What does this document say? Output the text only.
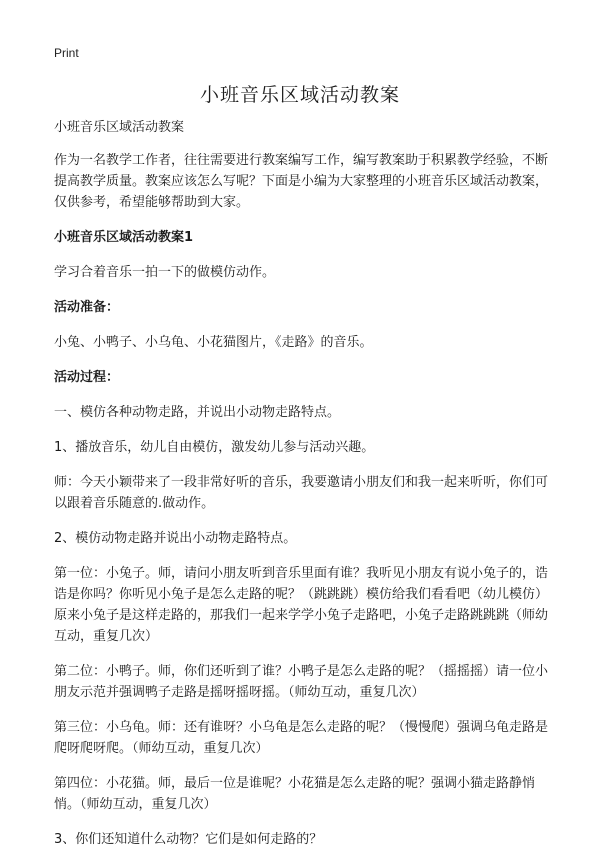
Print
小班音乐区域活动教案

小班音乐区域活动教案

作为一名教学工作者，往往需要进行教案编写工作，编写教案助于积累教学经验，不断提高教学质量。教案应该怎么写呢？下面是小编为大家整理的小班音乐区域活动教案，仅供参考，希望能够帮助到大家。

小班音乐区域活动教案1

学习合着音乐一拍一下的做模仿动作。

活动准备：

小兔、小鸭子、小乌龟、小花猫图片，《走路》的音乐。

活动过程：

一、模仿各种动物走路，并说出小动物走路特点。

1、播放音乐，幼儿自由模仿，激发幼儿参与活动兴趣。

师：今天小颖带来了一段非常好听的音乐，我要邀请小朋友们和我一起来听听，你们可以跟着音乐随意的.做动作。

2、模仿动物走路并说出小动物走路特点。

第一位：小兔子。师，请问小朋友听到音乐里面有谁？我听见小朋友有说小兔子的，诰诰是你吗？你听见小兔子是怎么走路的呢？（跳跳跳）模仿给我们看看吧（幼儿模仿）原来小兔子是这样走路的，那我们一起来学学小兔子走路吧，小兔子走路跳跳跳（师幼互动，重复几次）

第二位：小鸭子。师，你们还听到了谁？小鸭子是怎么走路的呢？（摇摇摇）请一位小朋友示范并强调鸭子走路是摇呀摇呀摇。（师幼互动，重复几次）

第三位：小乌龟。师：还有谁呀？小乌龟是怎么走路的呢？（慢慢爬）强调乌龟走路是爬呀爬呀爬。（师幼互动，重复几次）

第四位：小花猫。师，最后一位是谁呢？小花猫是怎么走路的呢？强调小猫走路静悄悄。（师幼互动，重复几次）

3、你们还知道什么动物？它们是如何走路的？
